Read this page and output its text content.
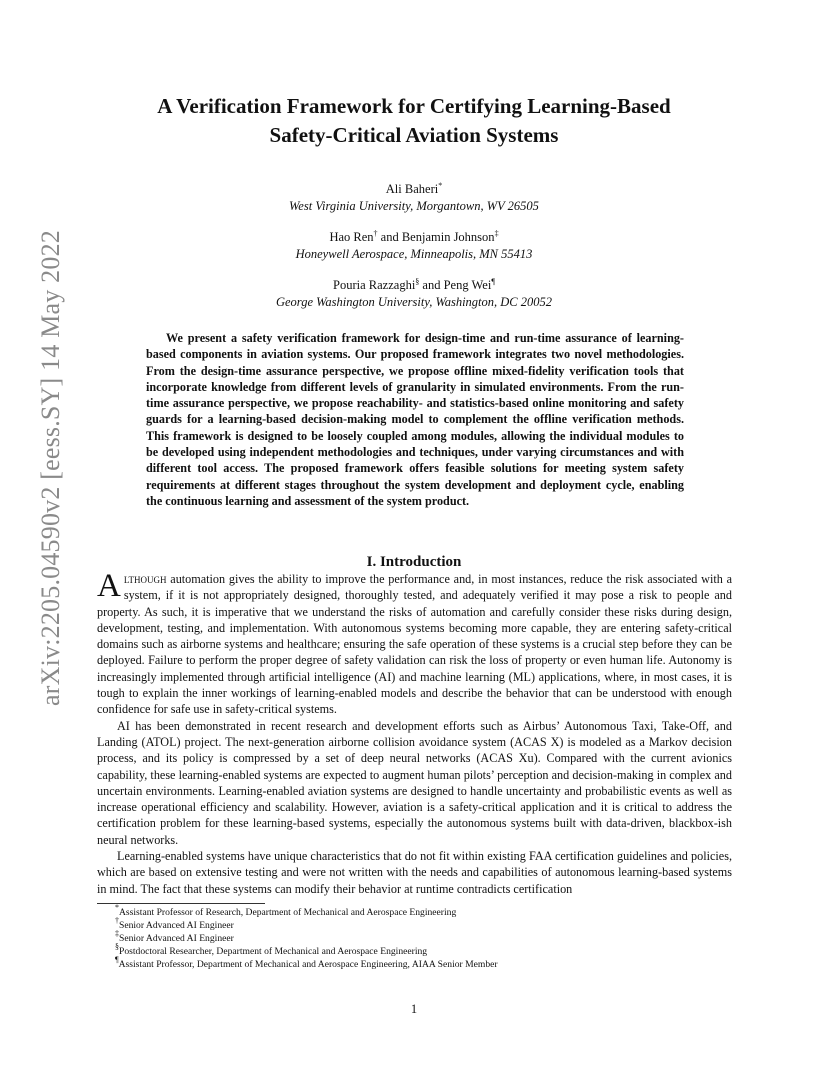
arXiv:2205.04590v2 [eess.SY] 14 May 2022
A Verification Framework for Certifying Learning-Based
Safety-Critical Aviation Systems
Ali Baheri*
West Virginia University, Morgantown, WV 26505
Hao Ren† and Benjamin Johnson‡
Honeywell Aerospace, Minneapolis, MN 55413
Pouria Razzaghi§ and Peng Wei¶
George Washington University, Washington, DC 20052
We present a safety verification framework for design-time and run-time assurance of learning-based components in aviation systems. Our proposed framework integrates two novel methodologies. From the design-time assurance perspective, we propose offline mixed-fidelity verification tools that incorporate knowledge from different levels of granularity in simulated environments. From the run-time assurance perspective, we propose reachability- and statistics-based online monitoring and safety guards for a learning-based decision-making model to complement the offline verification methods. This framework is designed to be loosely coupled among modules, allowing the individual modules to be developed using independent methodologies and techniques, under varying circumstances and with different tool access. The proposed framework offers feasible solutions for meeting system safety requirements at different stages throughout the system development and deployment cycle, enabling the continuous learning and assessment of the system product.
I. Introduction

Although automation gives the ability to improve the performance and, in most instances, reduce the risk associated with a system, if it is not appropriately designed, thoroughly tested, and adequately verified it may pose a risk to people and property. As such, it is imperative that we understand the risks of automation and carefully consider these risks during design, development, testing, and implementation. With autonomous systems becoming more capable, they are entering safety-critical domains such as airborne systems and healthcare; ensuring the safe operation of these systems is a crucial step before they can be deployed. Failure to perform the proper degree of safety validation can risk the loss of property or even human life. Autonomy is increasingly implemented through artificial intelligence (AI) and machine learning (ML) applications, where, in most cases, it is tough to explain the inner workings of learning-enabled models and describe the behavior that can be understood with enough confidence for safe use in safety-critical systems.

AI has been demonstrated in recent research and development efforts such as Airbus’ Autonomous Taxi, Take-Off, and Landing (ATOL) project. The next-generation airborne collision avoidance system (ACAS X) is modeled as a Markov decision process, and its policy is compressed by a set of deep neural networks (ACAS Xu). Compared with the current avionics capability, these learning-enabled systems are expected to augment human pilots’ perception and decision-making in complex and uncertain environments. Learning-enabled aviation systems are designed to handle uncertainty and probabilistic events as well as increase operational efficiency and scalability. However, aviation is a safety-critical application and it is critical to address the certification problem for these learning-based systems, especially the autonomous systems built with data-driven, blackbox-ish neural networks.

Learning-enabled systems have unique characteristics that do not fit within existing FAA certification guidelines and policies, which are based on extensive testing and were not written with the needs and capabilities of autonomous learning-based systems in mind. The fact that these systems can modify their behavior at runtime contradicts certification

*Assistant Professor of Research, Department of Mechanical and Aerospace Engineering
†Senior Advanced AI Engineer
‡Senior Advanced AI Engineer
§Postdoctoral Researcher, Department of Mechanical and Aerospace Engineering
¶Assistant Professor, Department of Mechanical and Aerospace Engineering, AIAA Senior Member
1
